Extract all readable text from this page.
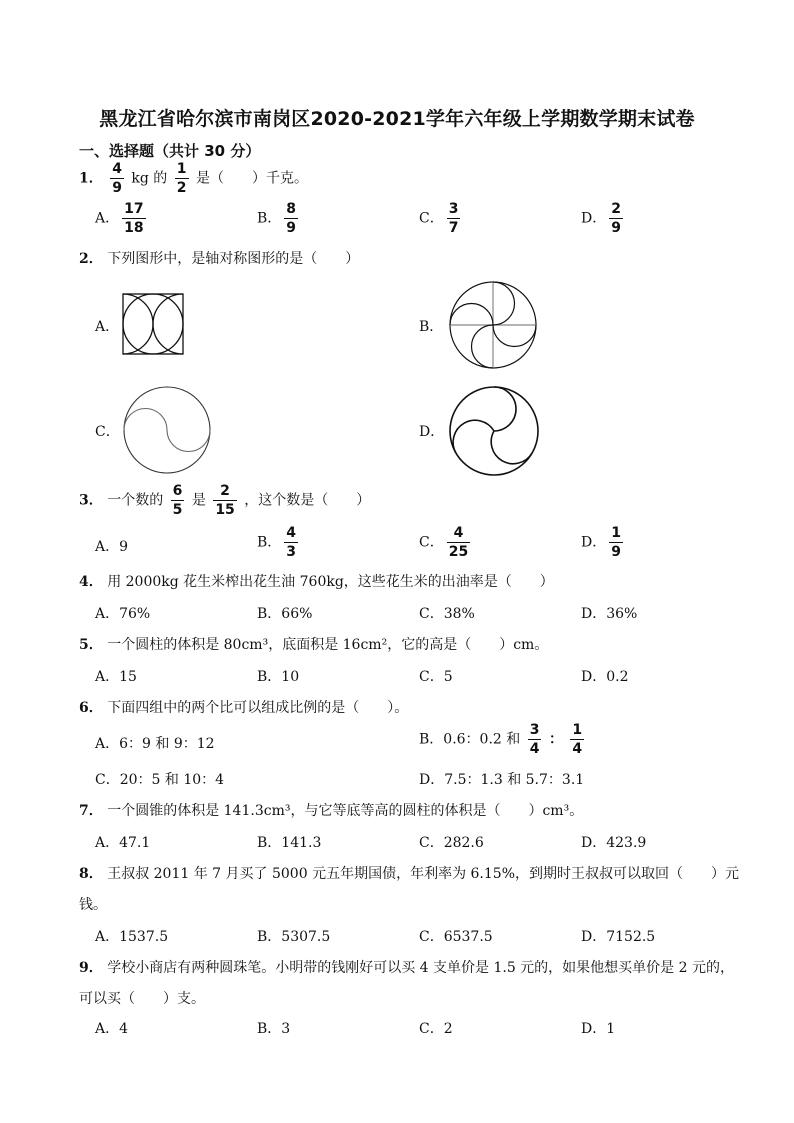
黑龙江省哈尔滨市南岗区2020-2021学年六年级上学期数学期末试卷
一、选择题（共计 30 分）
1． $\frac{4}{9}$ kg 的 $\frac{1}{2}$ 是（　　）千克。
A． $\frac{17}{18}$	B． $\frac{8}{9}$	C． $\frac{3}{7}$	D． $\frac{2}{9}$
2． 下列图形中，是轴对称图形的是（　　）
A．	B．
C．	D．
3． 一个数的 $\frac{6}{5}$ 是 $\frac{2}{15}$ ，这个数是（　　）
A．9	B． $\frac{4}{3}$	C． $\frac{4}{25}$	D． $\frac{1}{9}$
4． 用 2000kg 花生米榨出花生油 760kg，这些花生米的出油率是（　　）
A．76%	B．66%	C．38%	D．36%
5． 一个圆柱的体积是 80cm³，底面积是 16cm²，它的高是（　　）cm。
A．15	B．10	C．5	D．0.2
6． 下面四组中的两个比可以组成比例的是（　　）。
A．6：9 和 9：12	B．0.6：0.2 和 $\frac{3}{4}$ ： $\frac{1}{4}$
C．20：5 和 10：4	D．7.5：1.3 和 5.7：3.1
7． 一个圆锥的体积是 141.3cm³，与它等底等高的圆柱的体积是（　　）cm³。
A．47.1	B．141.3	C．282.6	D．423.9
8． 王叔叔 2011 年 7 月买了 5000 元五年期国债，年利率为 6.15%，到期时王叔叔可以取回（　　）元
钱。
A．1537.5	B．5307.5	C．6537.5	D．7152.5
9． 学校小商店有两种圆珠笔。小明带的钱刚好可以买 4 支单价是 1.5 元的，如果他想买单价是 2 元的，
可以买（　　）支。
A．4	B．3	C．2	D．1
